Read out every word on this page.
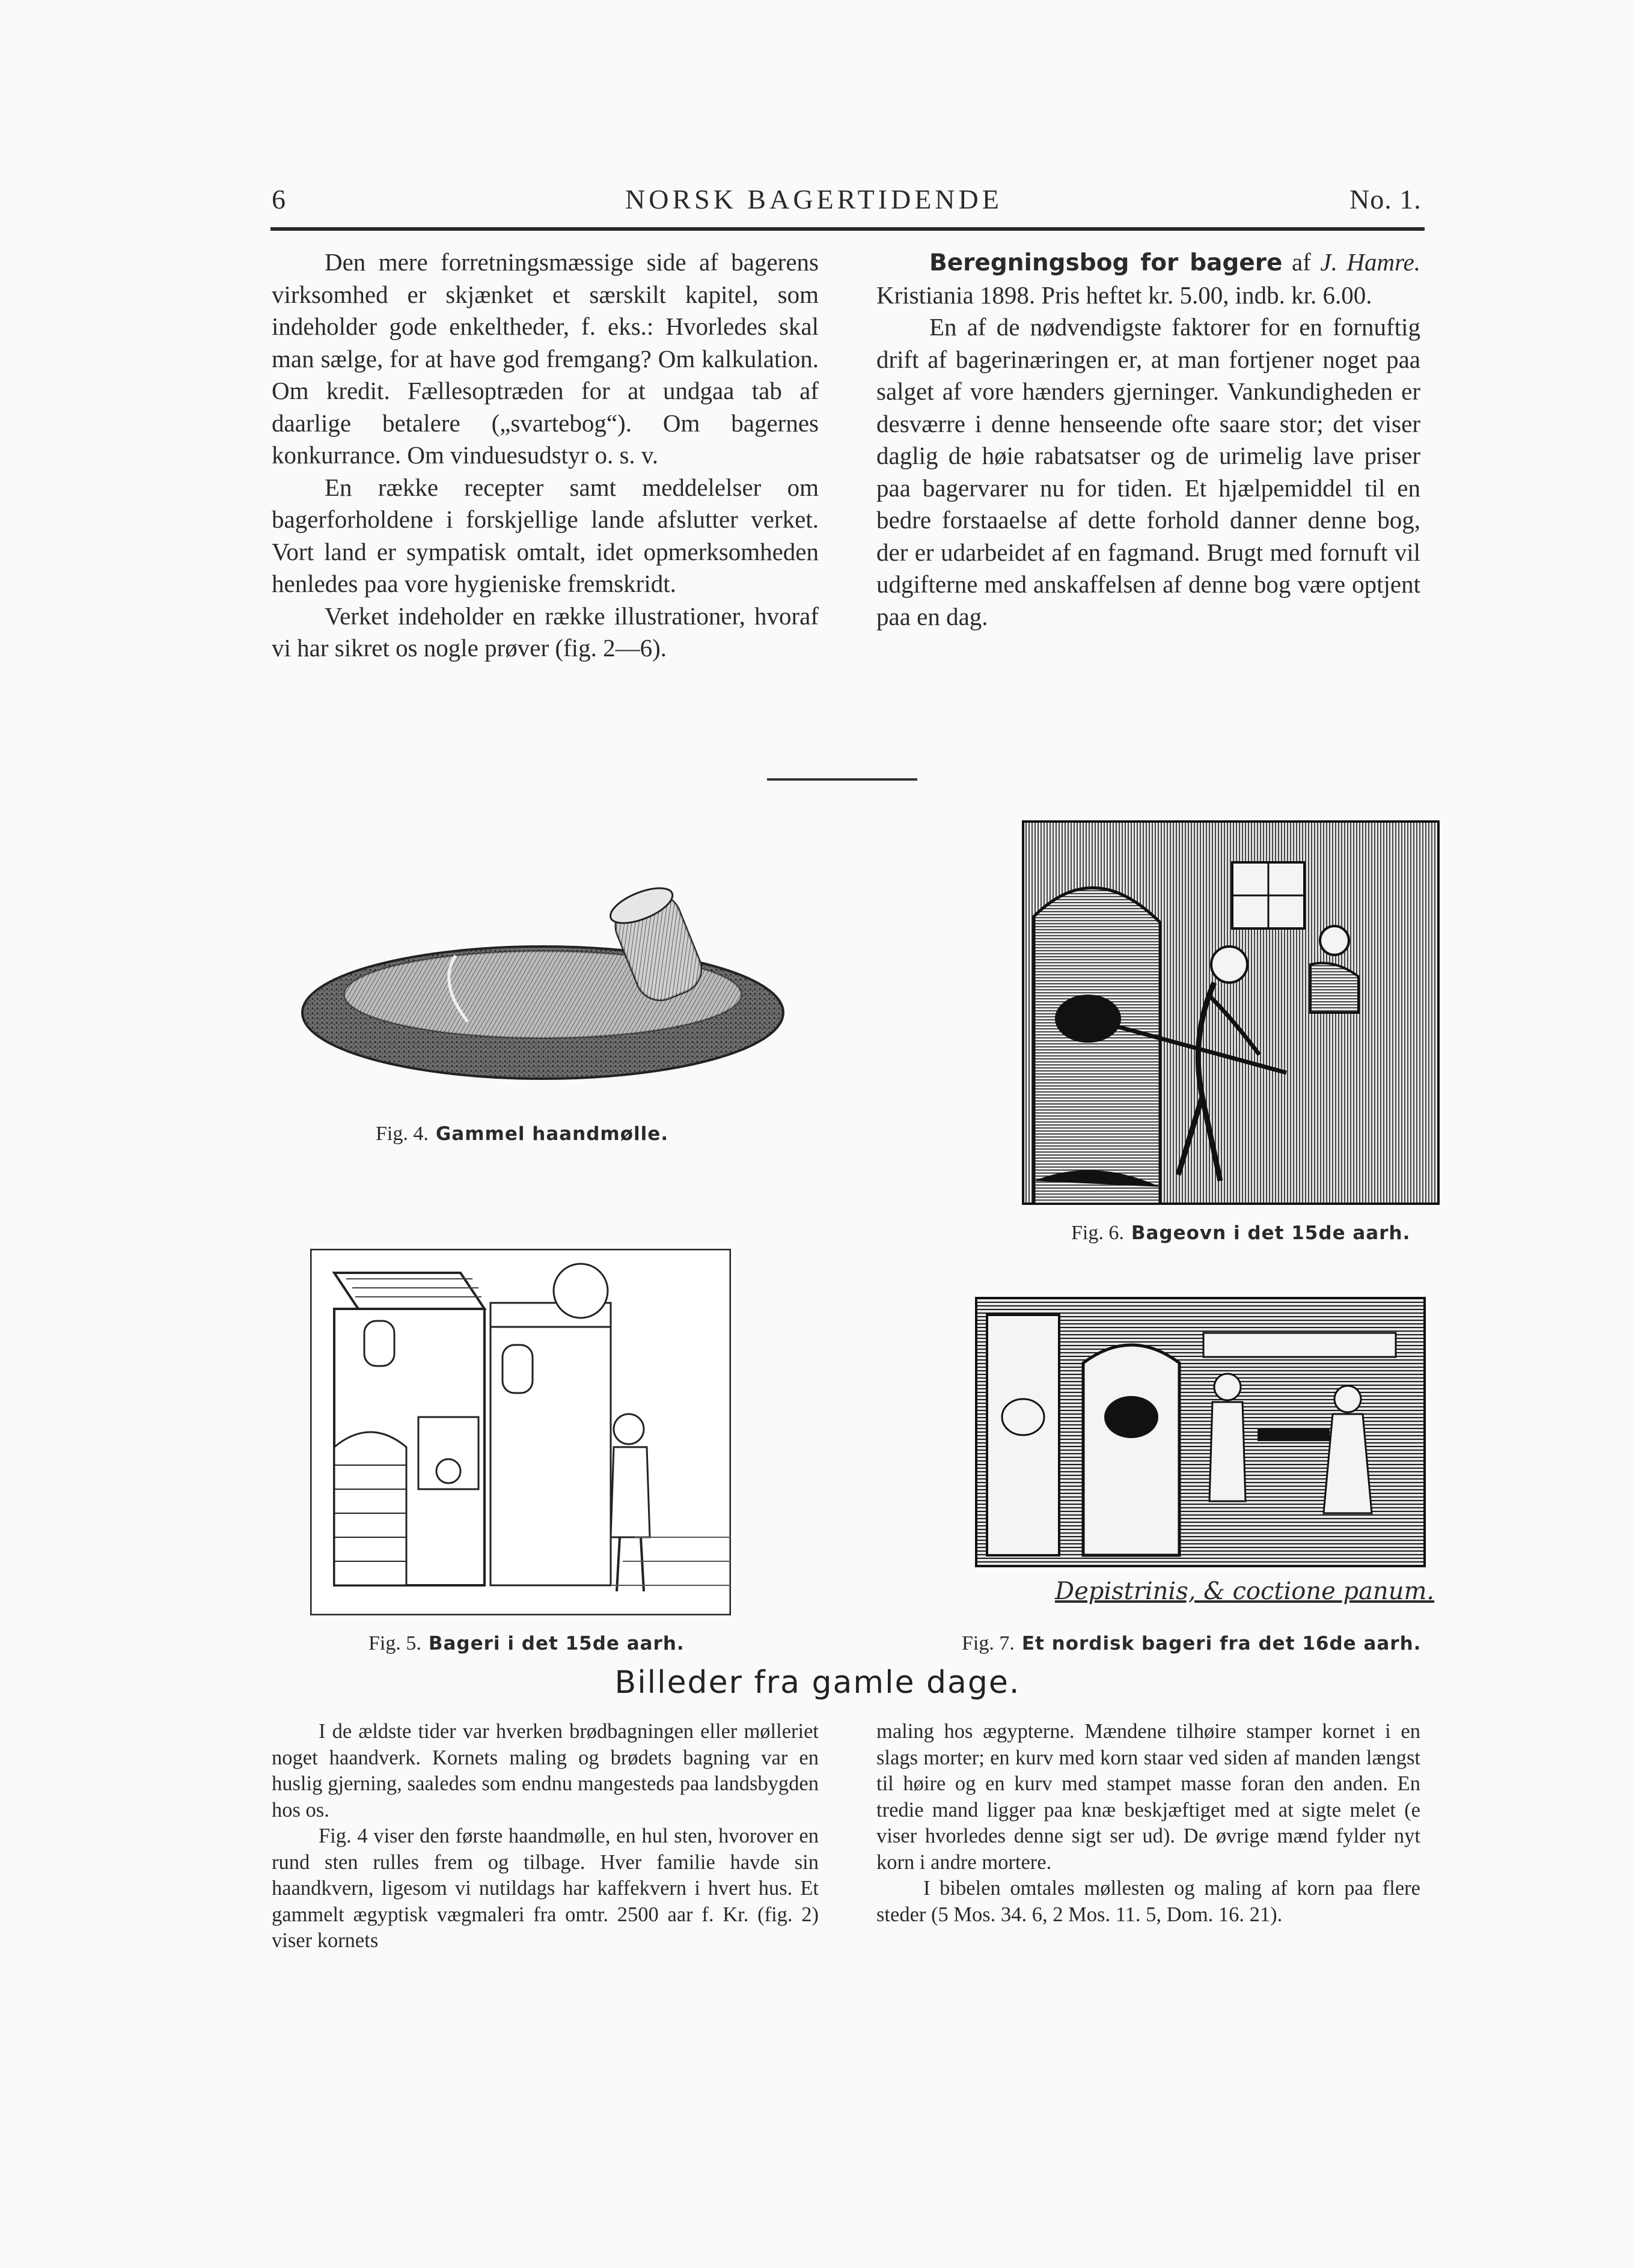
6	NORSK BAGERTIDENDE	No. 1.

Den mere forretningsmæssige side af bagerens virksomhed er skjænket et særskilt kapitel, som indeholder gode enkeltheder, f. eks.: Hvorledes skal man sælge, for at have god fremgang? Om kalkulation. Om kredit. Fællesoptræden for at undgaa tab af daarlige betalere („svartebog“). Om bagernes konkurrance. Om vinduesudstyr o. s. v.

En række recepter samt meddelelser om bagerforholdene i forskjellige lande afslutter verket. Vort land er sympatisk omtalt, idet opmerksomheden henledes paa vore hygieniske fremskridt.

Verket indeholder en række illustrationer, hvoraf vi har sikret os nogle prøver (fig. 2—6).

Beregningsbog for bagere af J. Hamre. Kristiania 1898. Pris heftet kr. 5.00, indb. kr. 6.00.

En af de nødvendigste faktorer for en fornuftig drift af bagerinæringen er, at man fortjener noget paa salget af vore hænders gjerninger. Vankundigheden er desværre i denne henseende ofte saare stor; det viser daglig de høie rabatsatser og de urimelig lave priser paa bagervarer nu for tiden. Et hjælpemiddel til en bedre forstaaelse af dette forhold danner denne bog, der er udarbeidet af en fagmand. Brugt med fornuft vil udgifterne med anskaffelsen af denne bog være optjent paa en dag.

Fig. 4. Gammel haandmølle.
Fig. 6. Bageovn i det 15de aarh.
Fig. 5. Bageri i det 15de aarh.
Depistrinis, & coctione panum.
Fig. 7. Et nordisk bageri fra det 16de aarh.
Billeder fra gamle dage.

I de ældste tider var hverken brødbagningen eller mølleriet noget haandverk. Kornets maling og brødets bagning var en huslig gjerning, saaledes som endnu mangesteds paa landsbygden hos os.

Fig. 4 viser den første haandmølle, en hul sten, hvorover en rund sten rulles frem og tilbage. Hver familie havde sin haandkvern, ligesom vi nutildags har kaffekvern i hvert hus. Et gammelt ægyptisk vægmaleri fra omtr. 2500 aar f. Kr. (fig. 2) viser kornets

maling hos ægypterne. Mændene tilhøire stamper kornet i en slags morter; en kurv med korn staar ved siden af manden længst til høire og en kurv med stampet masse foran den anden. En tredie mand ligger paa knæ beskjæftiget med at sigte melet (e viser hvorledes denne sigt ser ud). De øvrige mænd fylder nyt korn i andre mortere.

I bibelen omtales møllesten og maling af korn paa flere steder (5 Mos. 34. 6, 2 Mos. 11. 5, Dom. 16. 21).
